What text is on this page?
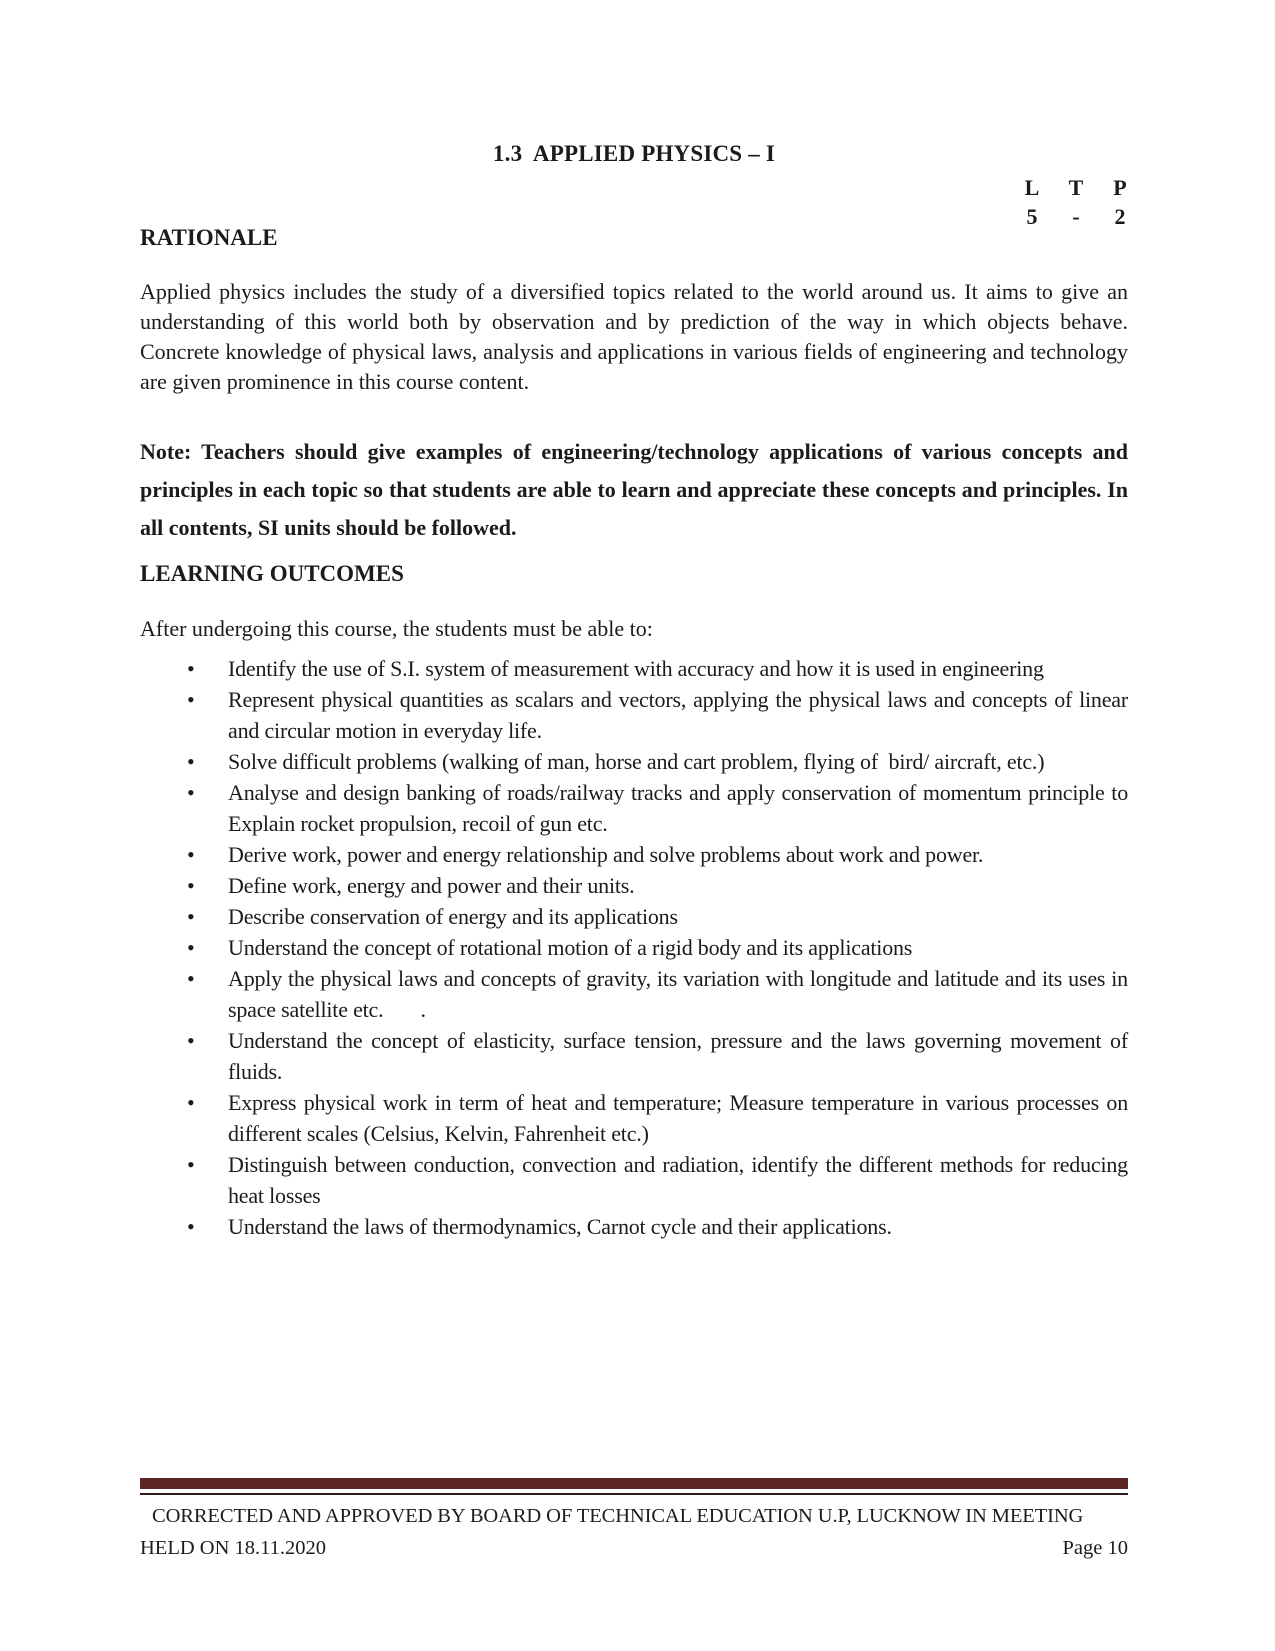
1.3  APPLIED PHYSICS – I
L	T	P
5	-	2
RATIONALE

Applied physics includes the study of a diversified topics related to the world around us. It aims to give an understanding of this world both by observation and by prediction of the way in which objects behave. Concrete knowledge of physical laws, analysis and applications in various fields of engineering and technology are given prominence in this course content.

Note: Teachers should give examples of engineering/technology applications of various concepts and principles in each topic so that students are able to learn and appreciate these concepts and principles. In all contents, SI units should be followed.

LEARNING OUTCOMES

After undergoing this course, the students must be able to:

• Identify the use of S.I. system of measurement with accuracy and how it is used in engineering
• Represent physical quantities as scalars and vectors, applying the physical laws and concepts of linear and circular motion in everyday life.
• Solve difficult problems (walking of man, horse and cart problem, flying of  bird/ aircraft, etc.)
• Analyse and design banking of roads/railway tracks and apply conservation of momentum principle to Explain rocket propulsion, recoil of gun etc.
• Derive work, power and energy relationship and solve problems about work and power.
• Define work, energy and power and their units.
• Describe conservation of energy and its applications
• Understand the concept of rotational motion of a rigid body and its applications
• Apply the physical laws and concepts of gravity, its variation with longitude and latitude and its uses in space satellite etc.       .
• Understand the concept of elasticity, surface tension, pressure and the laws governing movement of fluids.
• Express physical work in term of heat and temperature; Measure temperature in various processes on different scales (Celsius, Kelvin, Fahrenheit etc.)
• Distinguish between conduction, convection and radiation, identify the different methods for reducing heat losses
• Understand the laws of thermodynamics, Carnot cycle and their applications.
CORRECTED AND APPROVED BY BOARD OF TECHNICAL EDUCATION U.P, LUCKNOW IN MEETING
HELD ON 18.11.2020	Page 10
